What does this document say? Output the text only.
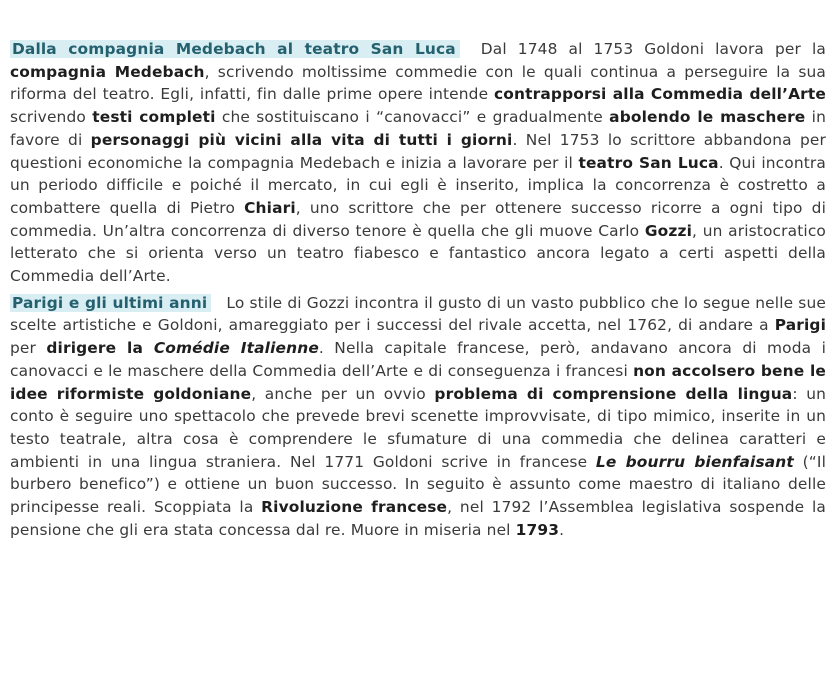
Dalla compagnia Medebach al teatro San Luca Dal 1748 al 1753 Goldoni lavora per la compagnia Medebach, scrivendo moltissime commedie con le quali continua a perseguire la sua riforma del teatro. Egli, infatti, fin dalle prime opere intende contrapporsi alla Commedia dell’Arte scrivendo testi completi che sostituiscano i “canovacci” e gradualmente abolendo le maschere in favore di personaggi più vicini alla vita di tutti i giorni. Nel 1753 lo scrittore abbandona per questioni economiche la compagnia Medebach e inizia a lavorare per il teatro San Luca. Qui incontra un periodo difficile e poiché il mercato, in cui egli è inserito, implica la concorrenza è costretto a combattere quella di Pietro Chiari, uno scrittore che per ottenere successo ricorre a ogni tipo di commedia. Un’altra concorrenza di diverso tenore è quella che gli muove Carlo Gozzi, un aristocratico letterato che si orienta verso un teatro fiabesco e fantastico ancora legato a certi aspetti della Commedia dell’Arte.

Parigi e gli ultimi anni Lo stile di Gozzi incontra il gusto di un vasto pubblico che lo segue nelle sue scelte artistiche e Goldoni, amareggiato per i successi del rivale accetta, nel 1762, di andare a Parigi per dirigere la Comédie Italienne. Nella capitale francese, però, andavano ancora di moda i canovacci e le maschere della Commedia dell’Arte e di conseguenza i francesi non accolsero bene le idee riformiste goldoniane, anche per un ovvio problema di comprensione della lingua: un conto è seguire uno spettacolo che prevede brevi scenette improvvisate, di tipo mimico, inserite in un testo teatrale, altra cosa è comprendere le sfumature di una commedia che delinea caratteri e ambienti in una lingua straniera. Nel 1771 Goldoni scrive in francese Le bourru bienfaisant (“Il burbero benefico”) e ottiene un buon successo. In seguito è assunto come maestro di italiano delle principesse reali. Scoppiata la Rivoluzione francese, nel 1792 l’Assemblea legislativa sospende la pensione che gli era stata concessa dal re. Muore in miseria nel 1793.
